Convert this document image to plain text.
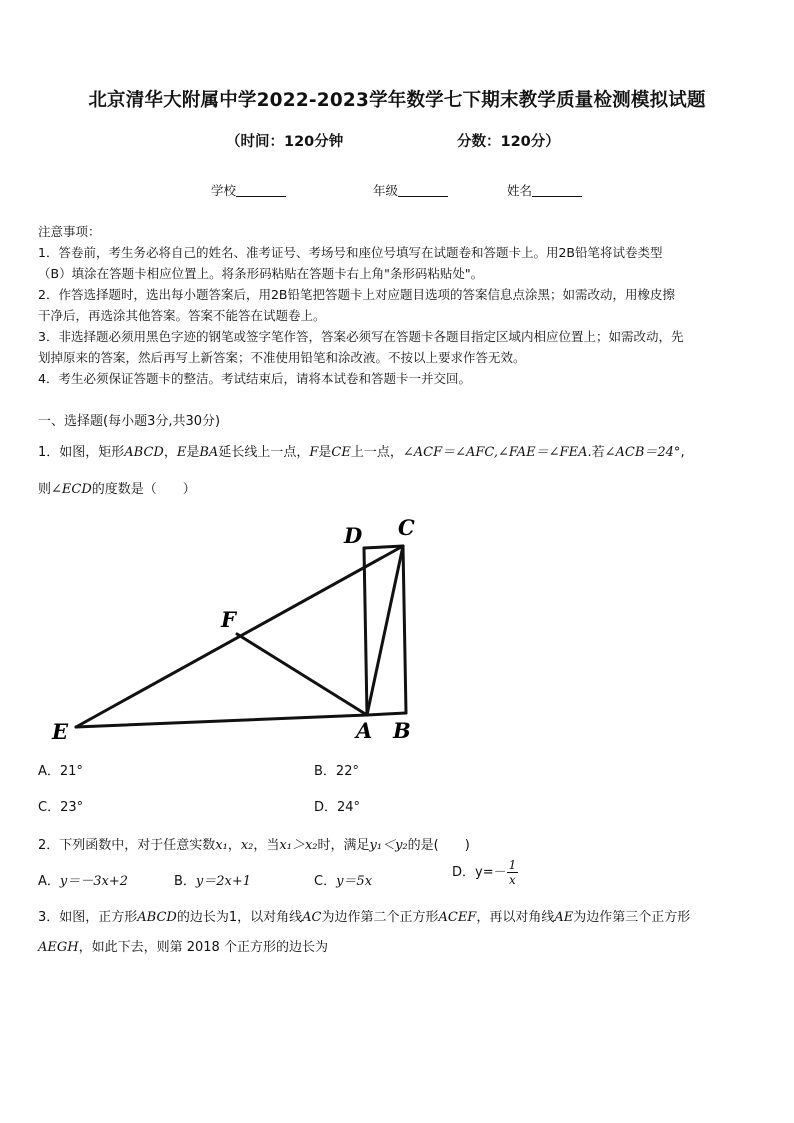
北京清华大附属中学2022-2023学年数学七下期末教学质量检测模拟试题
（时间：120分钟	分数：120分）
学校	年级	姓名
注意事项：
1．答卷前，考生务必将自己的姓名、准考证号、考场号和座位号填写在试题卷和答题卡上。用2B铅笔将试卷类型
（B）填涂在答题卡相应位置上。将条形码粘贴在答题卡右上角"条形码粘贴处"。
2．作答选择题时，选出每小题答案后，用2B铅笔把答题卡上对应题目选项的答案信息点涂黑；如需改动，用橡皮擦
干净后，再选涂其他答案。答案不能答在试题卷上。
3．非选择题必须用黑色字迹的钢笔或签字笔作答，答案必须写在答题卡各题目指定区域内相应位置上；如需改动，先
划掉原来的答案，然后再写上新答案；不准使用铅笔和涂改液。不按以上要求作答无效。
4．考生必须保证答题卡的整洁。考试结束后，请将本试卷和答题卡一并交回。
一、选择题(每小题3分,共30分)
1．如图，矩形ABCD，E是BA延长线上一点，F是CE上一点，∠ACF＝∠AFC,∠FAE＝∠FEA.若∠ACB＝24°,
则∠ECD的度数是（　　）
D C
F
E	A B
A．21°	B．22°
C．23°	D．24°
2．下列函数中，对于任意实数x₁，x₂，当x₁＞x₂时，满足y₁＜y₂的是(　　)
A．y＝－3x+2	B．y＝2x+1	C．y＝5x
D．$y=- \frac{1}{x}$
3．如图，正方形ABCD的边长为1，以对角线AC为边作第二个正方形ACEF，再以对角线AE为边作第三个正方形
AEGH，如此下去，则第 2018 个正方形的边长为
